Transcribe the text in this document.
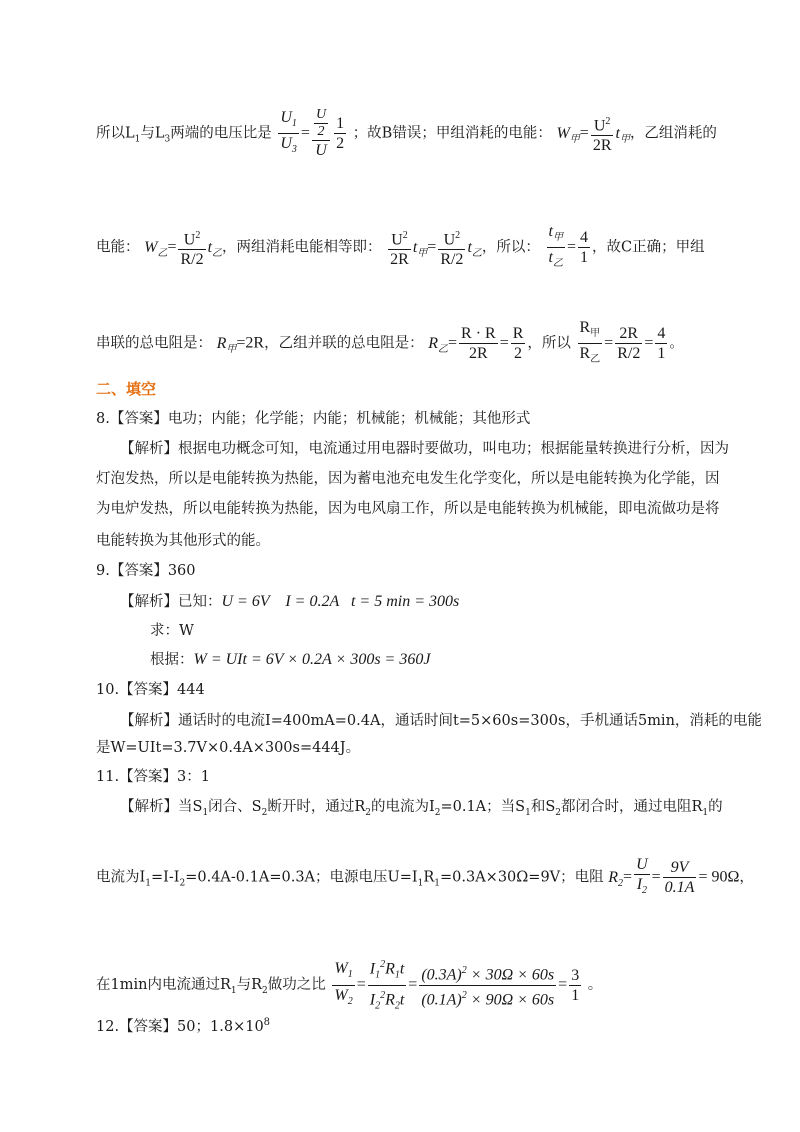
所以$L_1$与$L_3$两端的电压比是 $\frac{U_1}{U_3} = \frac{\frac{U}{2}}{U} \frac{1}{2}$ ；故B错误；甲组消耗的电能： $W_甲= \frac{U^2}{2R} t_甲$，乙组消耗的
电能： $W_乙= \frac{U^2}{R/2} t_乙$，两组消耗电能相等即： $\frac{U^2}{2R} t_甲= \frac{U^2}{R/2} t_乙$，所以： $\frac{t_甲}{t_乙} = \frac{4}{1}$ ，故C正确；甲组
串联的总电阻是： $R_甲=2R$，乙组并联的总电阻是： $R_乙= \frac{R \cdot R}{2R} = \frac{R}{2}$ ，所以 $\frac{R_甲}{R_乙} = \frac{2R}{R/2} = \frac{4}{1}$ 。
二、填空
8.【答案】电功；内能；化学能；内能；机械能；机械能；其他形式
【解析】根据电功概念可知，电流通过用电器时要做功，叫电功；根据能量转换进行分析，因为
灯泡发热，所以是电能转换为热能，因为蓄电池充电发生化学变化，所以是电能转换为化学能，因
为电炉发热，所以电能转换为热能，因为电风扇工作，所以是电能转换为机械能，即电流做功是将
电能转换为其他形式的能。
9.【答案】360
【解析】已知：U = 6V    I = 0.2A   t = 5 min = 300s
求：W
根据：W = UIt = 6V × 0.2A × 300s = 360J
10.【答案】444
【解析】通话时的电流I=400mA=0.4A，通话时间t=5×60s=300s，手机通话5min，消耗的电能
是W=UIt=3.7V×0.4A×300s=444J。
11.【答案】3：1
【解析】当$S_1$闭合、$S_2$断开时，通过$R_2$的电流为$I_2=0.1A$；当$S_1$和$S_2$都闭合时，通过电阻$R_1$的
电流为$I_1=I-I_2=0.4A-0.1A=0.3A$；电源电压$U=I_1R_1=0.3A\times 30\Omega=9V$；电阻 $R_2= \frac{U}{I_2} = \frac{9V}{0.1A} = 90\Omega$，
在1min内电流通过$R_1$与$R_2$做功之比 $\frac{W_1}{W_2} = \frac{I_1^2R_1t}{I_2^2R_2t} = \frac{(0.3A)^2 \times 30\Omega \times 60s}{(0.1A)^2 \times 90\Omega \times 60s} = \frac{3}{1}$ 。
12.【答案】50；$1.8\times 10^8$
